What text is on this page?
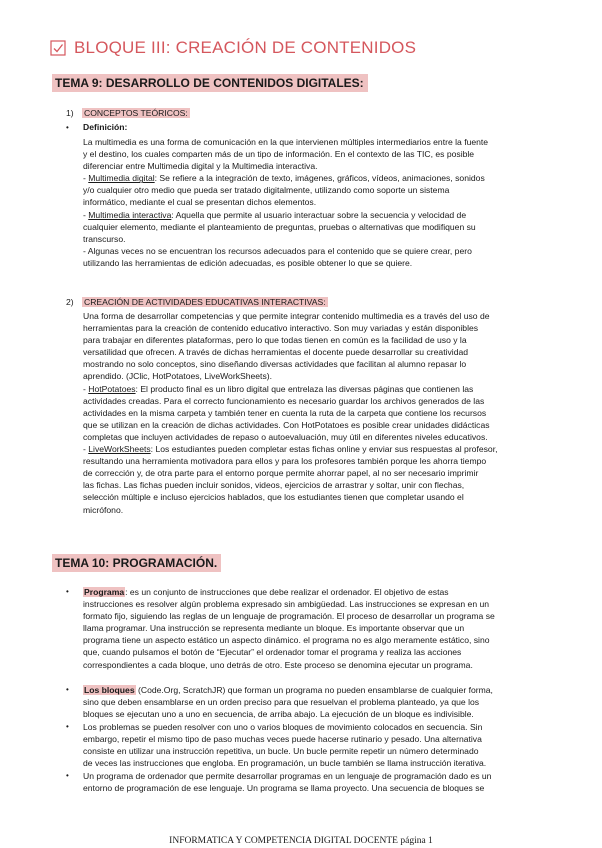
BLOQUE III: CREACIÓN DE CONTENIDOS
TEMA 9: DESARROLLO DE CONTENIDOS DIGITALES:
1) CONCEPTOS TEÓRICOS:
•	Definición:
La multimedia es una forma de comunicación en la que intervienen múltiples intermediarios entre la fuente
y el destino, los cuales comparten más de un tipo de información. En el contexto de las TIC, es posible
diferenciar entre Multimedia digital y la Multimedia interactiva.
- Multimedia digital: Se refiere a la integración de texto, imágenes, gráficos, vídeos, animaciones, sonidos
y/o cualquier otro medio que pueda ser tratado digitalmente, utilizando como soporte un sistema
informático, mediante el cual se presentan dichos elementos.
- Multimedia interactiva: Aquella que permite al usuario interactuar sobre la secuencia y velocidad de
cualquier elemento, mediante el planteamiento de preguntas, pruebas o alternativas que modifiquen su
transcurso.
- Algunas veces no se encuentran los recursos adecuados para el contenido que se quiere crear, pero
utilizando las herramientas de edición adecuadas, es posible obtener lo que se quiere.
2) CREACIÓN DE ACTIVIDADES EDUCATIVAS INTERACTIVAS:
Una forma de desarrollar competencias y que permite integrar contenido multimedia es a través del uso de
herramientas para la creación de contenido educativo interactivo. Son muy variadas y están disponibles
para trabajar en diferentes plataformas, pero lo que todas tienen en común es la facilidad de uso y la
versatilidad que ofrecen. A través de dichas herramientas el docente puede desarrollar su creatividad
mostrando no solo conceptos, sino diseñando diversas actividades que facilitan al alumno repasar lo
aprendido. (JClic, HotPotatoes, LiveWorkSheets).
- HotPotatoes: El producto final es un libro digital que entrelaza las diversas páginas que contienen las
actividades creadas. Para el correcto funcionamiento es necesario guardar los archivos generados de las
actividades en la misma carpeta y también tener en cuenta la ruta de la carpeta que contiene los recursos
que se utilizan en la creación de dichas actividades. Con HotPotatoes es posible crear unidades didácticas
completas que incluyen actividades de repaso o autoevaluación, muy útil en diferentes niveles educativos.
- LiveWorkSheets: Los estudiantes pueden completar estas fichas online y enviar sus respuestas al profesor,
resultando una herramienta motivadora para ellos y para los profesores también porque les ahorra tiempo
de corrección y, de otra parte para el entorno porque permite ahorrar papel, al no ser necesario imprimir
las fichas. Las fichas pueden incluir sonidos, videos, ejercicios de arrastrar y soltar, unir con flechas,
selección múltiple e incluso ejercicios hablados, que los estudiantes tienen que completar usando el
micrófono.
TEMA 10: PROGRAMACIÓN.
•	Programa: es un conjunto de instrucciones que debe realizar el ordenador. El objetivo de estas
instrucciones es resolver algún problema expresado sin ambigüedad. Las instrucciones se expresan en un
formato fijo, siguiendo las reglas de un lenguaje de programación. El proceso de desarrollar un programa se
llama programar. Una instrucción se representa mediante un bloque. Es importante observar que un
programa tiene un aspecto estático un aspecto dinámico. el programa no es algo meramente estático, sino
que, cuando pulsamos el botón de “Ejecutar” el ordenador tomar el programa y realiza las acciones
correspondientes a cada bloque, uno detrás de otro. Este proceso se denomina ejecutar un programa.
•	Los bloques (Code.Org, ScratchJR) que forman un programa no pueden ensamblarse de cualquier forma,
sino que deben ensamblarse en un orden preciso para que resuelvan el problema planteado, ya que los
bloques se ejecutan uno a uno en secuencia, de arriba abajo. La ejecución de un bloque es indivisible.
•	Los problemas se pueden resolver con uno o varios bloques de movimiento colocados en secuencia. Sin
embargo, repetir el mismo tipo de paso muchas veces puede hacerse rutinario y pesado. Una alternativa
consiste en utilizar una instrucción repetitiva, un bucle. Un bucle permite repetir un número determinado
de veces las instrucciones que engloba. En programación, un bucle también se llama instrucción iterativa.
•	Un programa de ordenador que permite desarrollar programas en un lenguaje de programación dado es un
entorno de programación de ese lenguaje. Un programa se llama proyecto. Una secuencia de bloques se
INFORMATICA Y COMPETENCIA DIGITAL DOCENTE página 1
